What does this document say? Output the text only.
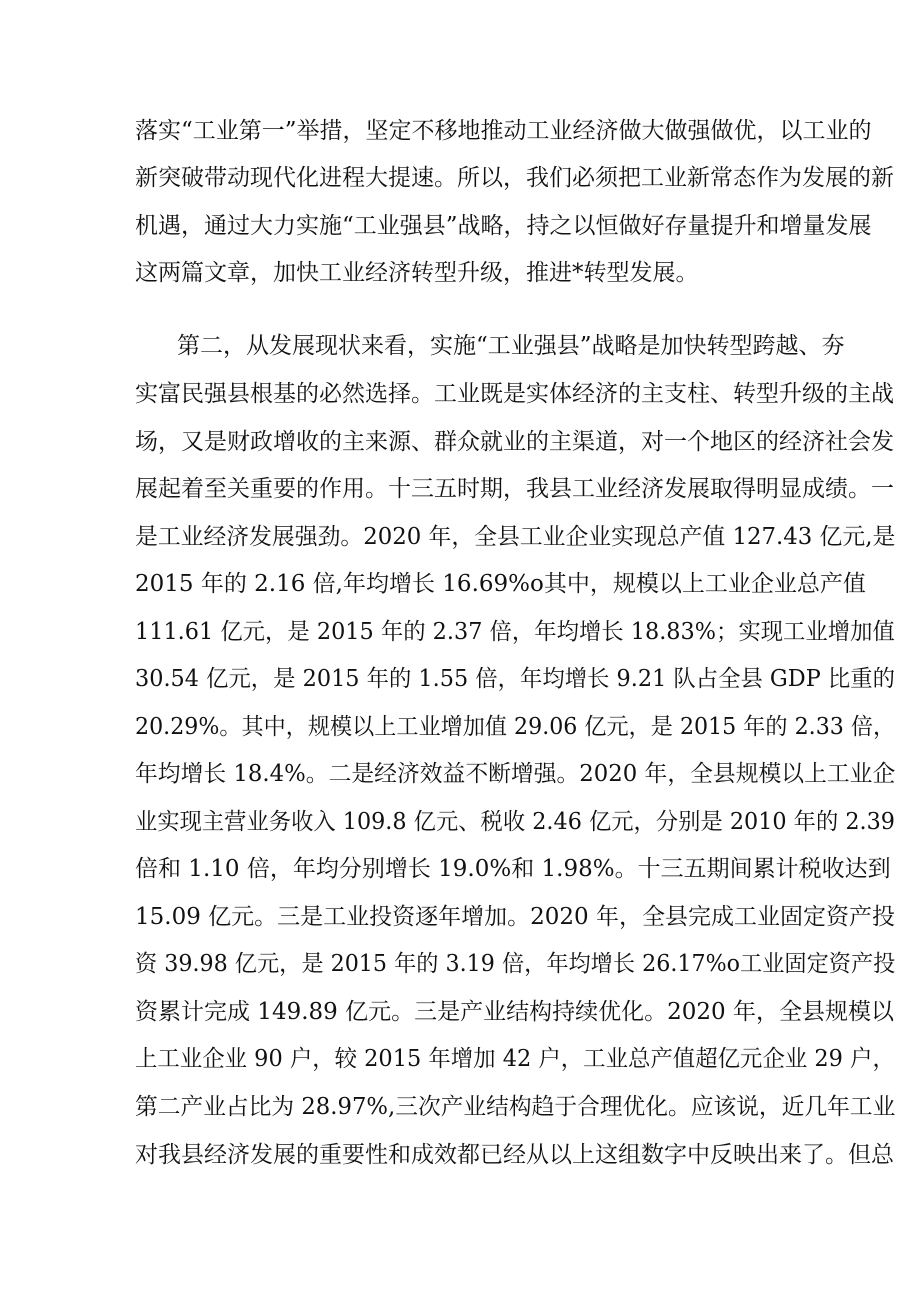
落实“工业第一”举措，坚定不移地推动工业经济做大做强做优，以工业的
新突破带动现代化进程大提速。所以，我们必须把工业新常态作为发展的新
机遇，通过大力实施“工业强县”战略，持之以恒做好存量提升和增量发展
这两篇文章，加快工业经济转型升级，推进*转型发展。
第二，从发展现状来看，实施“工业强县”战略是加快转型跨越、夯
实富民强县根基的必然选择。工业既是实体经济的主支柱、转型升级的主战
场，又是财政增收的主来源、群众就业的主渠道，对一个地区的经济社会发
展起着至关重要的作用。十三五时期，我县工业经济发展取得明显成绩。一
是工业经济发展强劲。2020 年，全县工业企业实现总产值 127.43 亿元,是
2015 年的 2.16 倍,年均增长 16.69%o其中，规模以上工业企业总产值
111.61 亿元，是 2015 年的 2.37 倍，年均增长 18.83%；实现工业增加值
30.54 亿元，是 2015 年的 1.55 倍，年均增长 9.21 队占全县 GDP 比重的
20.29%。其中，规模以上工业增加值 29.06 亿元，是 2015 年的 2.33 倍，
年均增长 18.4%。二是经济效益不断增强。2020 年，全县规模以上工业企
业实现主营业务收入 109.8 亿元、税收 2.46 亿元，分别是 2010 年的 2.39
倍和 1.10 倍，年均分别增长 19.0%和 1.98%。十三五期间累计税收达到
15.09 亿元。三是工业投资逐年增加。2020 年，全县完成工业固定资产投
资 39.98 亿元，是 2015 年的 3.19 倍，年均增长 26.17%o工业固定资产投
资累计完成 149.89 亿元。三是产业结构持续优化。2020 年，全县规模以
上工业企业 90 户，较 2015 年增加 42 户，工业总产值超亿元企业 29 户，
第二产业占比为 28.97%,三次产业结构趋于合理优化。应该说，近几年工业
对我县经济发展的重要性和成效都已经从以上这组数字中反映出来了。但总
